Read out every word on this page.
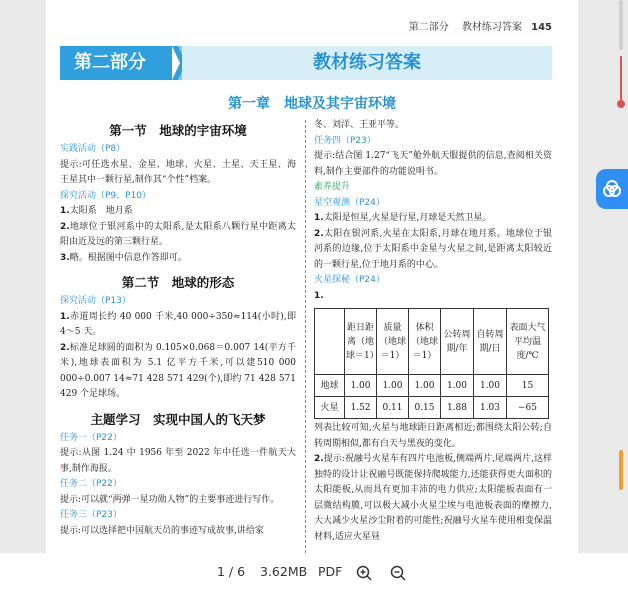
第二部分　 教材练习答案 145
第二部分	教材练习答案
第一章　地球及其宇宙环境
第一节　地球的宇宙环境
实践活动（P8）
提示:可任选水星、金星、地球、火星、土星、天王星、海王星其中一颗行星,制作其“个性”档案。
探究活动（P9、P10）
1.太阳系　地月系
2.地球位于银河系中的太阳系,是太阳系八颗行星中距离太阳由近及远的第三颗行星。
3.略。根据图中信息作答即可。
第二节　地球的形态
探究活动（P13）
1.赤道周长约 40 000 千米,40 000÷350≈114(小时),即4～5 天。
2.标准足球圆的面积为 0.105×0.068＝0.007 14(平方千米),地球表面积为 5.1 亿平方千米,可以建510 000 000÷0.007 14≈71 428 571 429(个),即约 71 428 571 429 个足球场。
主题学习　实现中国人的飞天梦
任务一（P22）
提示:从图 1.24 中 1956 年至 2022 年中任选一件航天大事,制作海报。
任务二（P22）
提示:可以就“两弹一星功勋人物”的主要事迹进行写作。
任务三（P23）
提示:可以选择把中国航天员的事迹写成故事,讲给家
冬、刘洋、王亚平等。
任务四（P23）
提示:结合图 1.27“飞天”舱外航天服提供的信息,查阅相关资料,制作主要部件的功能说明书。
素养提升
星空观测（P24）
1.太阳是恒星,火星是行星,月球是天然卫星。
2.太阳在银河系,火星在太阳系,月球在地月系。地球位于银河系的边缘,位于太阳系中金星与火星之间,是距离太阳较近的一颗行星,位于地月系的中心。
火星探秘（P24）
1.
	距日距离（地球＝1）	质量（地球＝1）	体积（地球＝1）	公转周期/年	自转周期/日	表面大气平均温度/℃
地球	1.00	1.00	1.00	1.00	1.00	15
火星	1.52	0.11	0.15	1.88	1.03	−65
列表比较可知,火星与地球距日距离相近;都围绕太阳公转;自转周期相似,都有白天与黑夜的变化。
2.提示:祝融号火星车有四片电池板,侧端两片,尾端两片,这样独特的设计让祝融号既能保持爬坡能力,还能获得更大面积的太阳能板,从而具有更加丰沛的电力供应;太阳能板表面有一层微结构膜,可以极大减小火星尘埃与电池板表面的摩擦力,大大减少火星沙尘附着的可能性;祝融号火星车使用相变保温材料,适应火星昼
1 / 6 3.62MB PDF
